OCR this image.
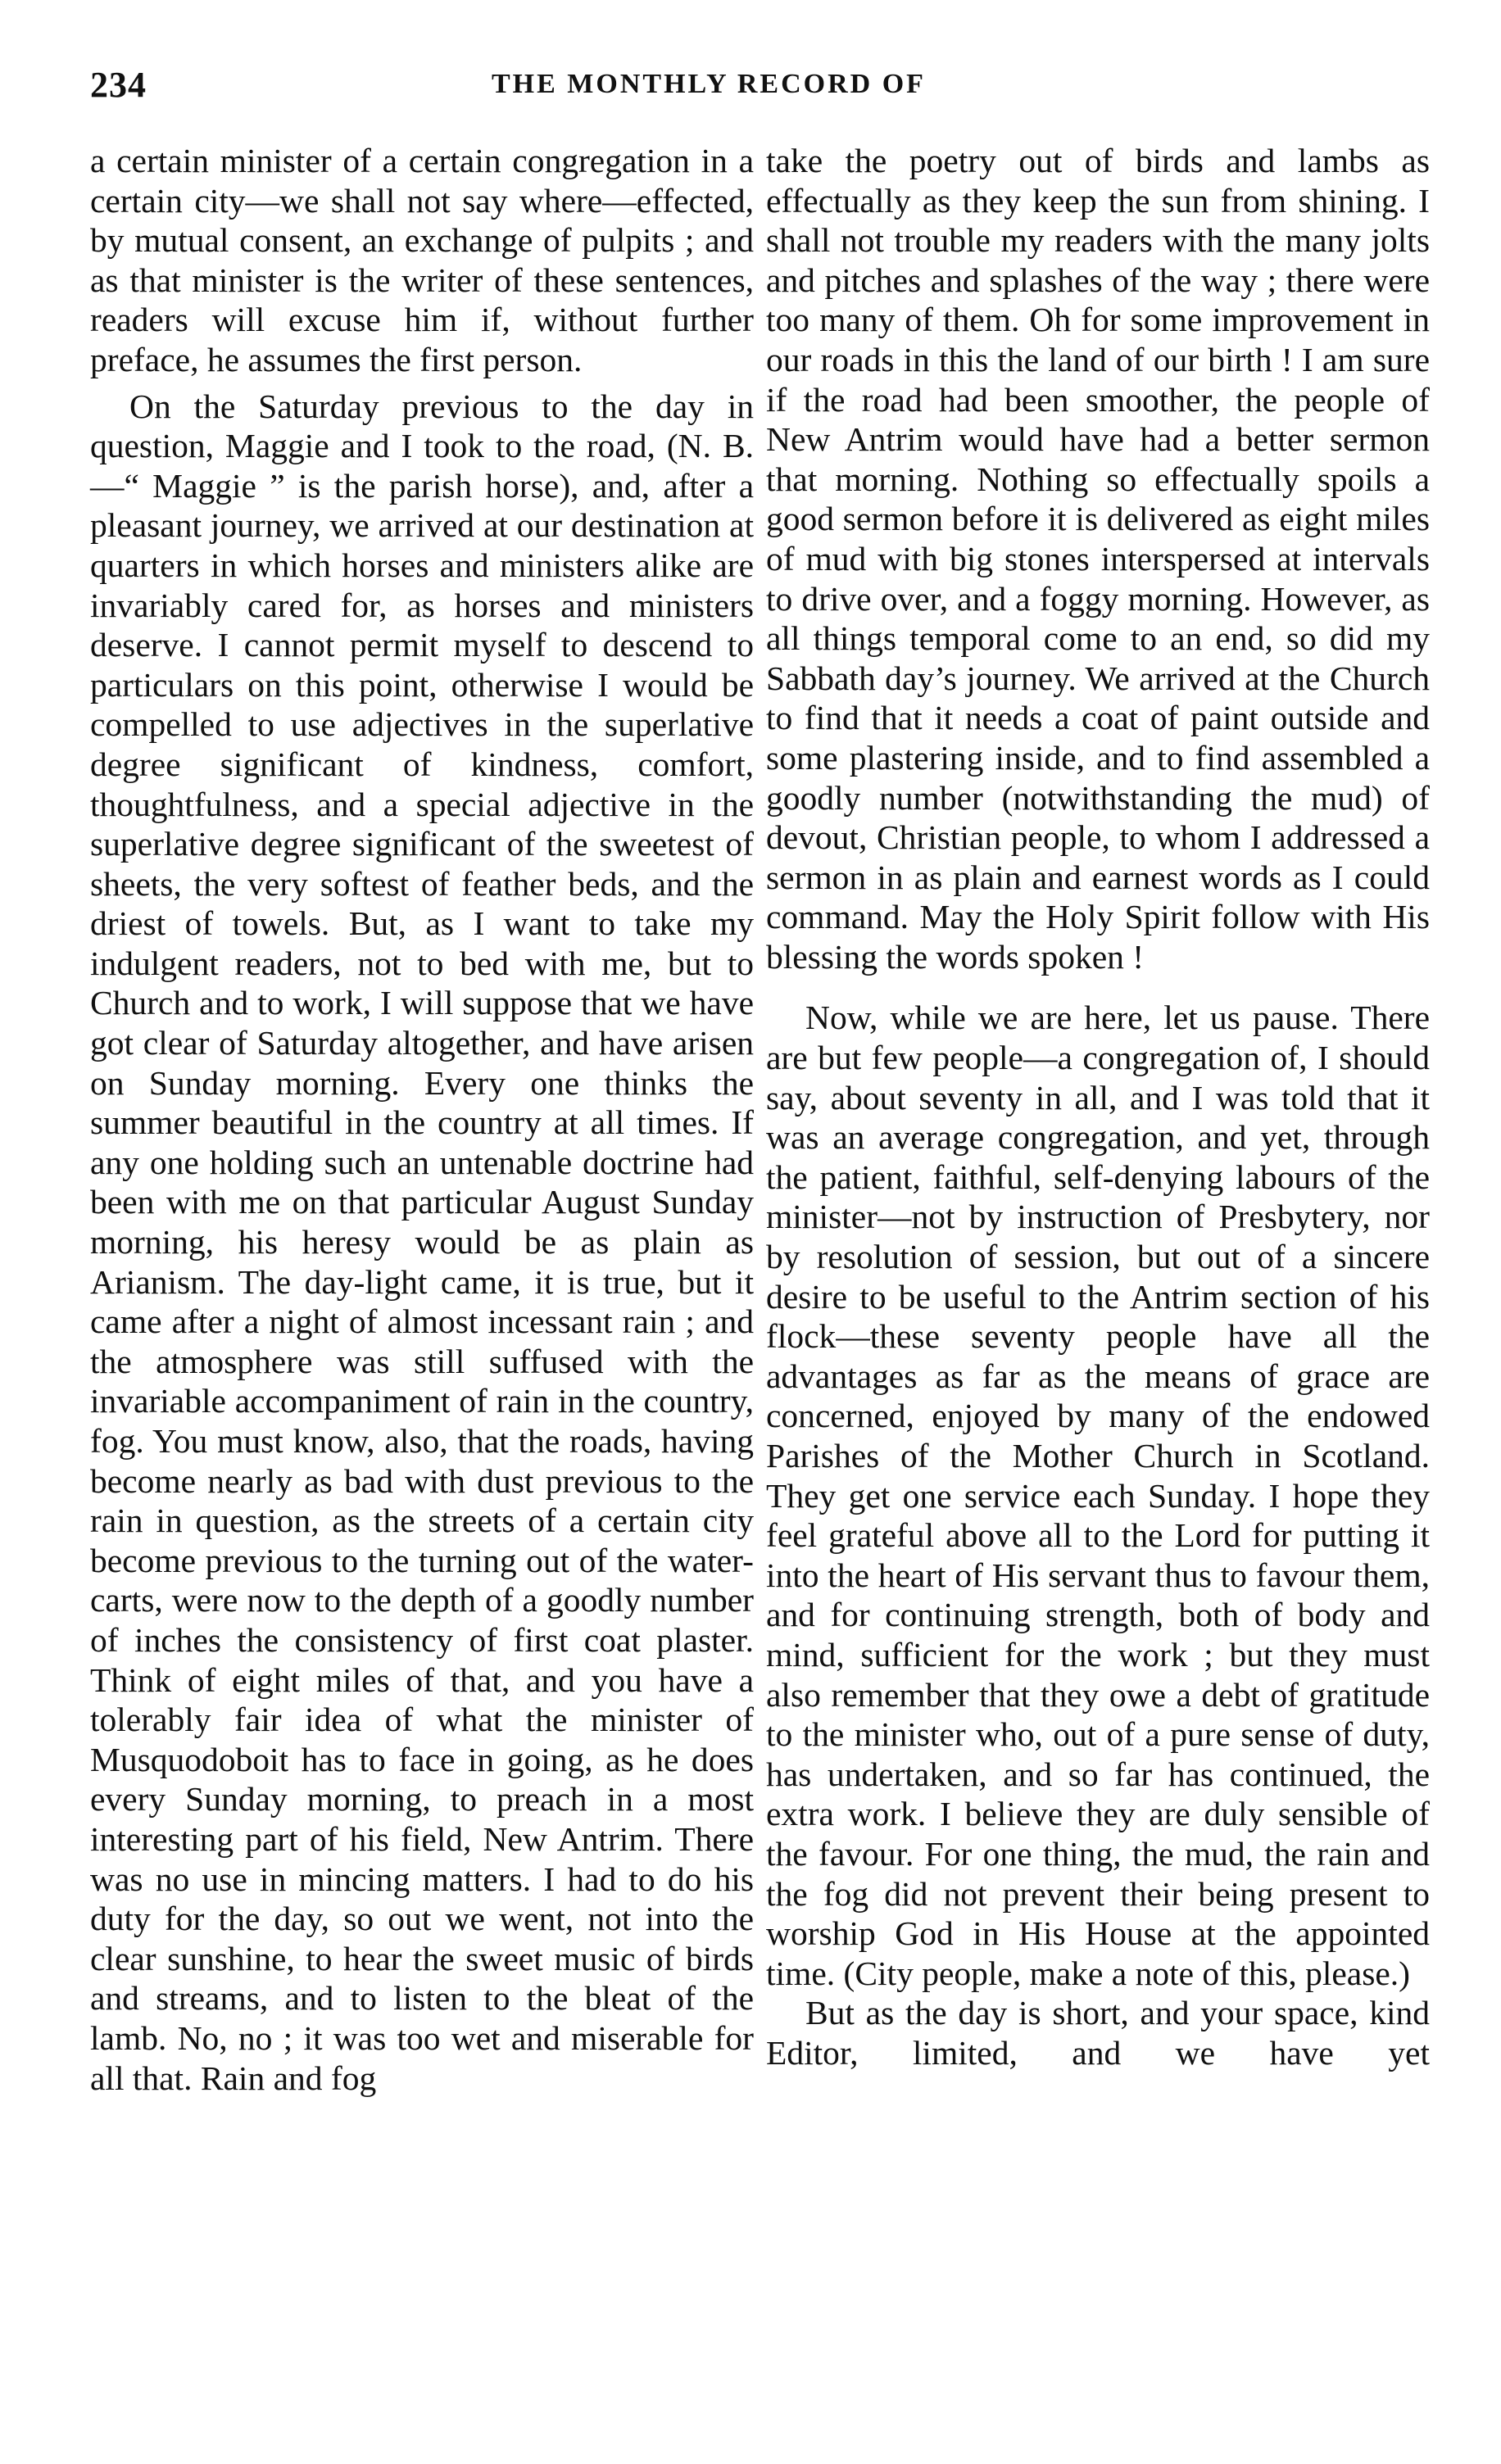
234	THE MONTHLY RECORD OF

a certain minister of a certain congregation in a certain city—we shall not say where—effected, by mutual consent, an exchange of pulpits ; and as that minister is the writer of these sentences, readers will excuse him if, without further preface, he assumes the first person.

On the Saturday previous to the day in question, Maggie and I took to the road, (N. B.—“ Maggie ” is the parish horse), and, after a pleasant journey, we arrived at our destination at quarters in which horses and ministers alike are invariably cared for, as horses and ministers deserve. I cannot permit myself to descend to particulars on this point, otherwise I would be compelled to use adjectives in the superlative degree significant of kindness, comfort, thoughtfulness, and a special adjective in the superlative degree significant of the sweetest of sheets, the very softest of feather beds, and the driest of towels. But, as I want to take my indulgent readers, not to bed with me, but to Church and to work, I will suppose that we have got clear of Saturday altogether, and have arisen on Sunday morning. Every one thinks the summer beautiful in the country at all times. If any one holding such an untenable doctrine had been with me on that particular August Sunday morning, his heresy would be as plain as Arianism. The day-light came, it is true, but it came after a night of almost incessant rain ; and the atmosphere was still suffused with the invariable accompaniment of rain in the country, fog. You must know, also, that the roads, having become nearly as bad with dust previous to the rain in question, as the streets of a certain city become previous to the turning out of the water-carts, were now to the depth of a goodly number of inches the consistency of first coat plaster. Think of eight miles of that, and you have a tolerably fair idea of what the minister of Musquodoboit has to face in going, as he does every Sunday morning, to preach in a most interesting part of his field, New Antrim. There was no use in mincing matters. I had to do his duty for the day, so out we went, not into the clear sunshine, to hear the sweet music of birds and streams, and to listen to the bleat of the lamb. No, no ; it was too wet and miserable for all that. Rain and fog

take the poetry out of birds and lambs as effectually as they keep the sun from shining. I shall not trouble my readers with the many jolts and pitches and splashes of the way ; there were too many of them. Oh for some improvement in our roads in this the land of our birth ! I am sure if the road had been smoother, the people of New Antrim would have had a better sermon that morning. Nothing so effectually spoils a good sermon before it is delivered as eight miles of mud with big stones interspersed at intervals to drive over, and a foggy morning. However, as all things temporal come to an end, so did my Sabbath day’s journey. We arrived at the Church to find that it needs a coat of paint outside and some plastering inside, and to find assembled a goodly number (notwithstanding the mud) of devout, Christian people, to whom I addressed a sermon in as plain and earnest words as I could command. May the Holy Spirit follow with His blessing the words spoken !

Now, while we are here, let us pause. There are but few people—a congregation of, I should say, about seventy in all, and I was told that it was an average congregation, and yet, through the patient, faithful, self-denying labours of the minister—not by instruction of Presbytery, nor by resolution of session, but out of a sincere desire to be useful to the Antrim section of his flock—these seventy people have all the advantages as far as the means of grace are concerned, enjoyed by many of the endowed Parishes of the Mother Church in Scotland. They get one service each Sunday. I hope they feel grateful above all to the Lord for putting it into the heart of His servant thus to favour them, and for continuing strength, both of body and mind, sufficient for the work ; but they must also remember that they owe a debt of gratitude to the minister who, out of a pure sense of duty, has undertaken, and so far has continued, the extra work. I believe they are duly sensible of the favour. For one thing, the mud, the rain and the fog did not prevent their being present to worship God in His House at the appointed time. (City people, make a note of this, please.)

But as the day is short, and your space, kind Editor, limited, and we have yet
